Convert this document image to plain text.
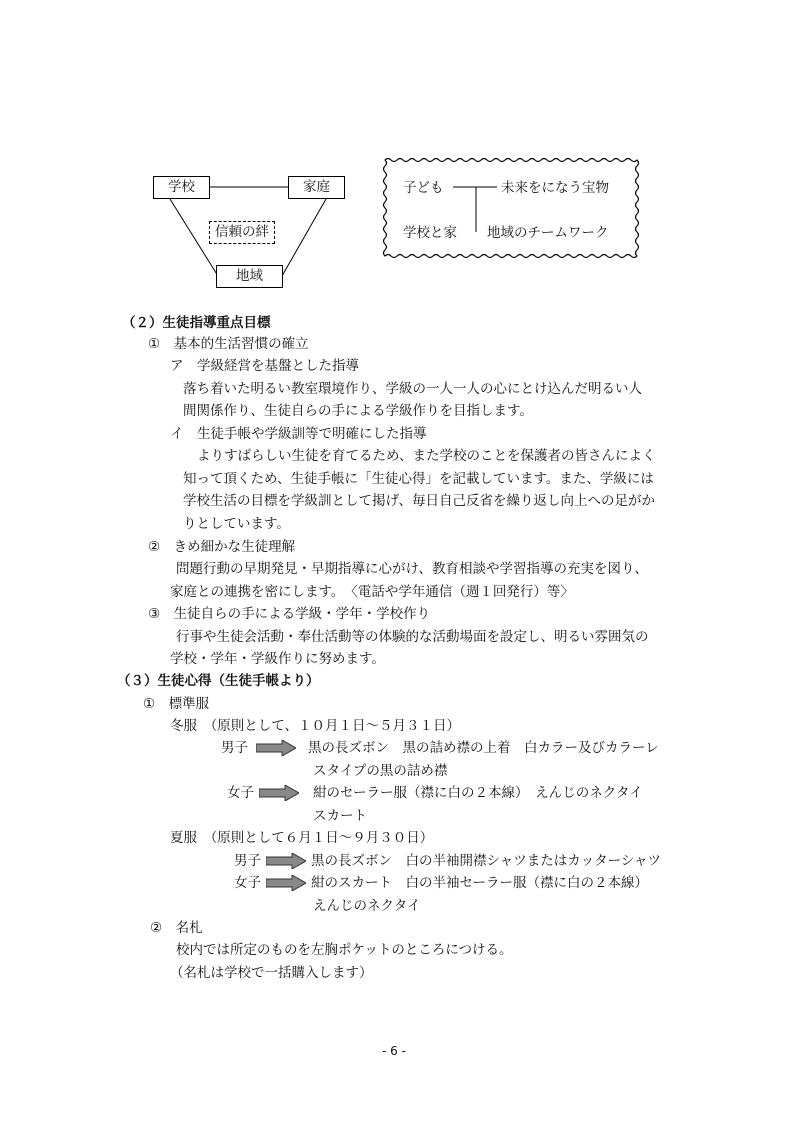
学校	家庭
地域
信頼の絆
子ども	未来をになう宝物
学校と家 地域のチームワーク
（２）生徒指導重点目標
①　基本的生活習慣の確立
ア　学級経営を基盤とした指導
落ち着いた明るい教室環境作り、学級の一人一人の心にとけ込んだ明るい人
間関係作り、生徒自らの手による学級作りを目指します。
イ　生徒手帳や学級訓等で明確にした指導
よりすばらしい生徒を育てるため、また学校のことを保護者の皆さんによく
知って頂くため、生徒手帳に「生徒心得」を記載しています。また、学級には
学校生活の目標を学級訓として掲げ、毎日自己反省を繰り返し向上への足がか
りとしています。
②　きめ細かな生徒理解
問題行動の早期発見・早期指導に心がけ、教育相談や学習指導の充実を図り、
家庭との連携を密にします。　〈電話や学年通信（週１回発行）等〉
③　生徒自らの手による学級・学年・学校作り
行事や生徒会活動・奉仕活動等の体験的な活動場面を設定し、明るい雰囲気の
学校・学年・学級作りに努めます。
（３）生徒心得（生徒手帳より）
①　標準服
冬服　（原則として、１０月１日～５月３１日）
男子	黒の長ズボン　黒の詰め襟の上着　白カラー及びカラーレ
スタイプの黒の詰め襟
女子	紺のセーラー服（襟に白の２本線）　えんじのネクタイ
スカート
夏服　（原則として６月１日～９月３０日）
男子	黒の長ズボン　白の半袖開襟シャツまたはカッターシャツ
女子	紺のスカート　白の半袖セーラー服（襟に白の２本線）
えんじのネクタイ
②　名札
校内では所定のものを左胸ポケットのところにつける。
（名札は学校で一括購入します）
- 6 -
